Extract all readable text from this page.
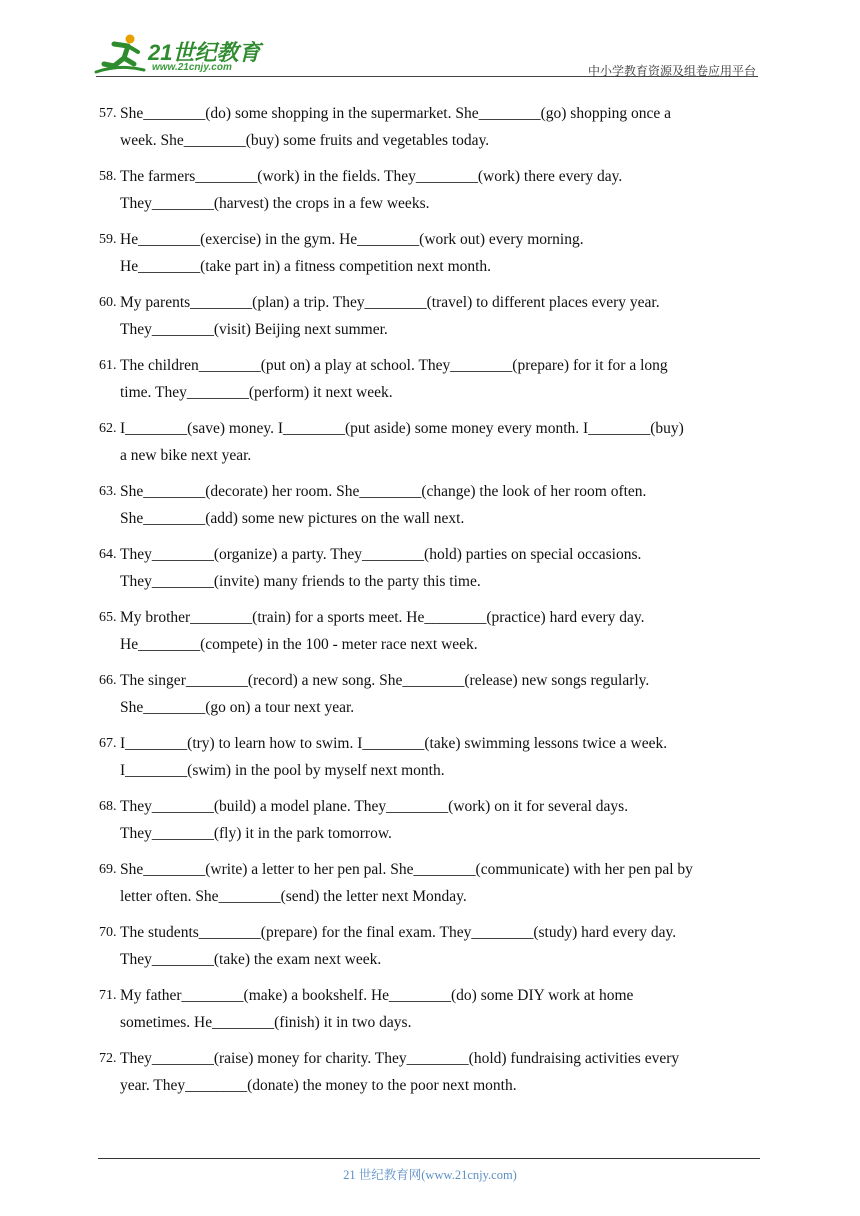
21世纪教育
www.21cnjy.com	中小学教育资源及组卷应用平台
57. She________(do) some shopping in the supermarket. She________(go) shopping once a
week. She________(buy) some fruits and vegetables today.
58. The farmers________(work) in the fields. They________(work) there every day.
They________(harvest) the crops in a few weeks.
59. He________(exercise) in the gym. He________(work out) every morning.
He________(take part in) a fitness competition next month.
60. My parents________(plan) a trip. They________(travel) to different places every year.
They________(visit) Beijing next summer.
61. The children________(put on) a play at school. They________(prepare) for it for a long
time. They________(perform) it next week.
62. I________(save) money. I________(put aside) some money every month. I________(buy)
a new bike next year.
63. She________(decorate) her room. She________(change) the look of her room often.
She________(add) some new pictures on the wall next.
64. They________(organize) a party. They________(hold) parties on special occasions.
They________(invite) many friends to the party this time.
65. My brother________(train) for a sports meet. He________(practice) hard every day.
He________(compete) in the 100 - meter race next week.
66. The singer________(record) a new song. She________(release) new songs regularly.
She________(go on) a tour next year.
67. I________(try) to learn how to swim. I________(take) swimming lessons twice a week.
I________(swim) in the pool by myself next month.
68. They________(build) a model plane. They________(work) on it for several days.
They________(fly) it in the park tomorrow.
69. She________(write) a letter to her pen pal. She________(communicate) with her pen pal by
letter often. She________(send) the letter next Monday.
70. The students________(prepare) for the final exam. They________(study) hard every day.
They________(take) the exam next week.
71. My father________(make) a bookshelf. He________(do) some DIY work at home
sometimes. He________(finish) it in two days.
72. They________(raise) money for charity. They________(hold) fundraising activities every
year. They________(donate) the money to the poor next month.
21 世纪教育网(www.21cnjy.com)
